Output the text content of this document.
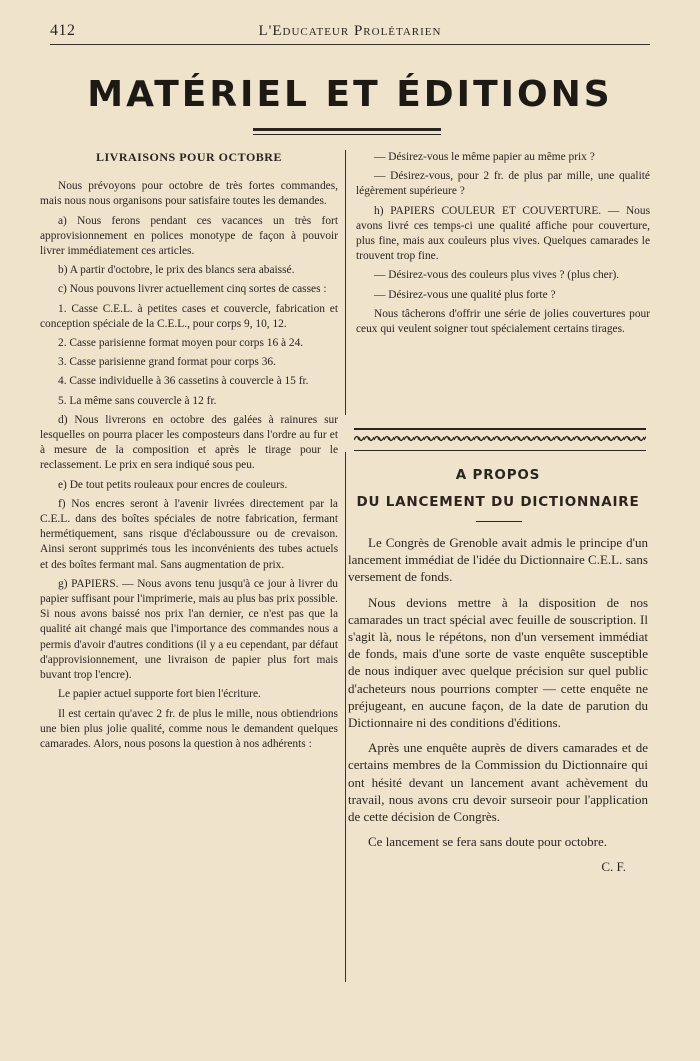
412	L'Educateur Prolétarien
MATÉRIEL ET ÉDITIONS
LIVRAISONS POUR OCTOBRE

Nous prévoyons pour octobre de très fortes commandes, mais nous nous organisons pour satisfaire toutes les demandes.

a) Nous ferons pendant ces vacances un très fort approvisionnement en polices monotype de façon à pouvoir livrer immédiatement ces articles.

b) A partir d'octobre, le prix des blancs sera abaissé.

c) Nous pouvons livrer actuellement cinq sortes de casses :

1. Casse C.E.L. à petites cases et couvercle, fabrication et conception spéciale de la C.E.L., pour corps 9, 10, 12.

2. Casse parisienne format moyen pour corps 16 à 24.

3. Casse parisienne grand format pour corps 36.

4. Casse individuelle à 36 cassetins à couvercle à 15 fr.

5. La même sans couvercle à 12 fr.

d) Nous livrerons en octobre des galées à rainures sur lesquelles on pourra placer les composteurs dans l'ordre au fur et à mesure de la composition et après le tirage pour le reclassement. Le prix en sera indiqué sous peu.

e) De tout petits rouleaux pour encres de couleurs.

f) Nos encres seront à l'avenir livrées directement par la C.E.L. dans des boîtes spéciales de notre fabrication, fermant hermétiquement, sans risque d'éclaboussure ou de crevaison. Ainsi seront supprimés tous les inconvénients des tubes actuels et des boîtes fermant mal. Sans augmentation de prix.

g) PAPIERS. — Nous avons tenu jusqu'à ce jour à livrer du papier suffisant pour l'imprimerie, mais au plus bas prix possible. Si nous avons baissé nos prix l'an dernier, ce n'est pas que la qualité ait changé mais que l'importance des commandes nous a permis d'avoir d'autres conditions (il y a eu cependant, par défaut d'approvisionnement, une livraison de papier plus fort mais buvant trop l'encre).

Le papier actuel supporte fort bien l'écriture.

Il est certain qu'avec 2 fr. de plus le mille, nous obtiendrions une bien plus jolie qualité, comme nous le demandent quelques camarades. Alors, nous posons la question à nos adhérents :

— Désirez-vous le même papier au même prix ?

— Désirez-vous, pour 2 fr. de plus par mille, une qualité légèrement supérieure ?

h) PAPIERS COULEUR ET COUVERTURE. — Nous avons livré ces temps-ci une qualité affiche pour couverture, plus fine, mais aux couleurs plus vives. Quelques camarades le trouvent trop fine.

— Désirez-vous des couleurs plus vives ? (plus cher).

— Désirez-vous une qualité plus forte ?

Nous tâcherons d'offrir une série de jolies couvertures pour ceux qui veulent soigner tout spécialement certains tirages.

A PROPOS
DU LANCEMENT DU DICTIONNAIRE

Le Congrès de Grenoble avait admis le principe d'un lancement immédiat de l'idée du Dictionnaire C.E.L. sans versement de fonds.

Nous devions mettre à la disposition de nos camarades un tract spécial avec feuille de souscription. Il s'agit là, nous le répétons, non d'un versement immédiat de fonds, mais d'une sorte de vaste enquête susceptible de nous indiquer avec quelque précision sur quel public d'acheteurs nous pourrions compter — cette enquête ne préjugeant, en aucune façon, de la date de parution du Dictionnaire ni des conditions d'éditions.

Après une enquête auprès de divers camarades et de certains membres de la Commission du Dictionnaire qui ont hésité devant un lancement avant achèvement du travail, nous avons cru devoir surseoir pour l'application de cette décision de Congrès.

Ce lancement se fera sans doute pour octobre.

C. F.
